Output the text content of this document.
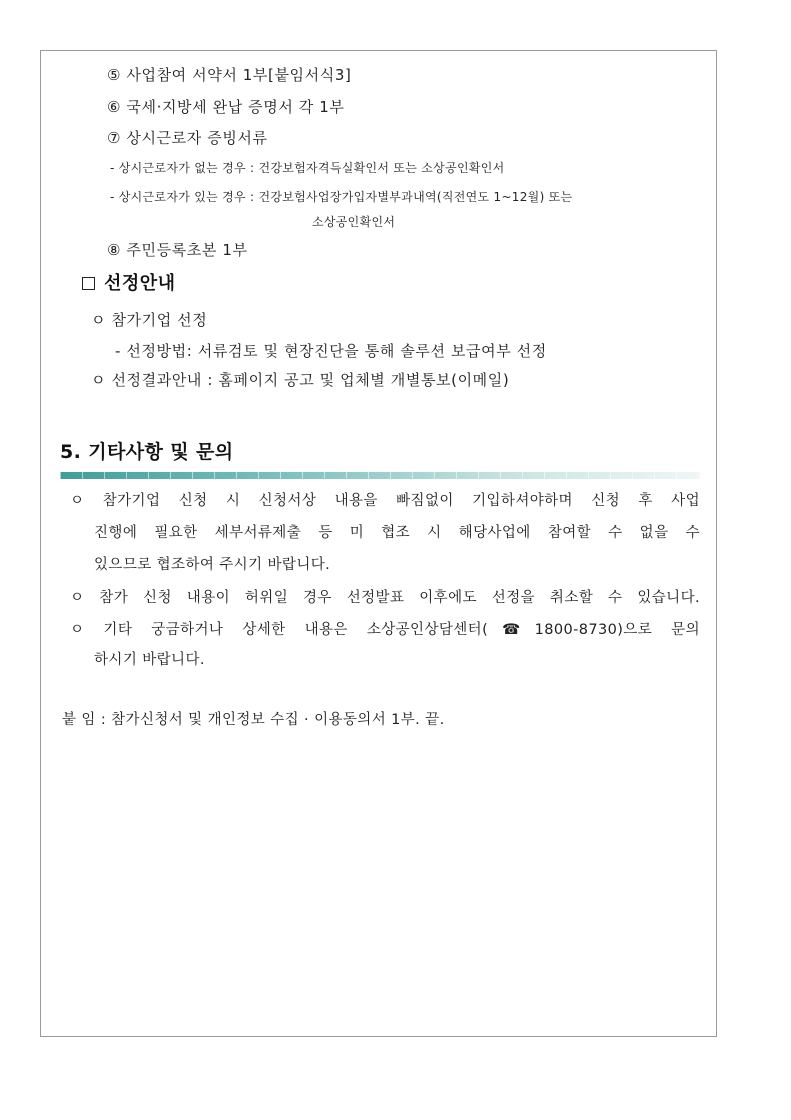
⑤ 사업참여 서약서 1부[붙임서식3]
⑥ 국세·지방세 완납 증명서 각 1부
⑦ 상시근로자 증빙서류
- 상시근로자가 없는 경우 : 건강보험자격득실확인서 또는 소상공인확인서
- 상시근로자가 있는 경우 : 건강보험사업장가입자별부과내역(직전연도 1~12월) 또는
소상공인확인서
⑧ 주민등록초본 1부
선정안내
ㅇ 참가기업 선정
- 선정방법: 서류검토 및 현장진단을 통해 솔루션 보급여부 선정
ㅇ 선정결과안내 : 홈페이지 공고 및 업체별 개별통보(이메일)
5. 기타사항 및 문의
ㅇ 참가기업 신청 시 신청서상 내용을 빠짐없이 기입하셔야하며 신청 후 사업
진행에 필요한 세부서류제출 등 미 협조 시 해당사업에 참여할 수 없을 수
있으므로 협조하여 주시기 바랍니다.
ㅇ 참가 신청 내용이 허위일 경우 선정발표 이후에도 선정을 취소할 수 있습니다.
ㅇ 기타 궁금하거나 상세한 내용은 소상공인상담센터(☎1800-8730)으로 문의
하시기 바랍니다.
붙 임 : 참가신청서 및 개인정보 수집 · 이용동의서 1부. 끝.
